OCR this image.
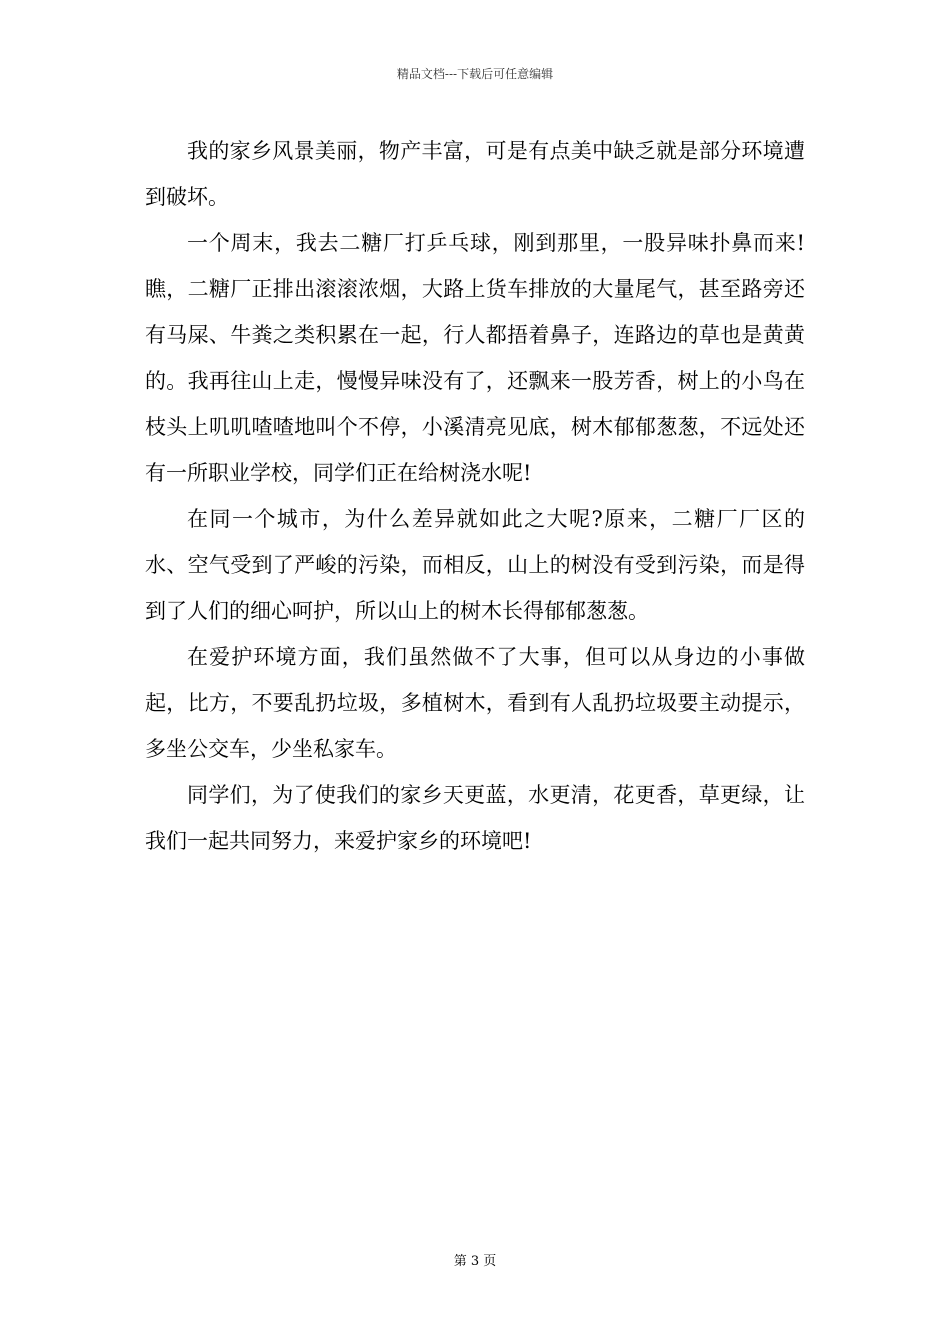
精品文档---下载后可任意编辑

我的家乡风景美丽，物产丰富，可是有点美中缺乏就是部分环境遭到破坏。

一个周末，我去二糖厂打乒乓球，刚到那里，一股异味扑鼻而来!瞧，二糖厂正排出滚滚浓烟，大路上货车排放的大量尾气，甚至路旁还有马屎、牛粪之类积累在一起，行人都捂着鼻子，连路边的草也是黄黄的。我再往山上走，慢慢异味没有了，还飘来一股芳香，树上的小鸟在枝头上叽叽喳喳地叫个不停，小溪清亮见底，树木郁郁葱葱，不远处还有一所职业学校，同学们正在给树浇水呢!

在同一个城市，为什么差异就如此之大呢?原来，二糖厂厂区的水、空气受到了严峻的污染，而相反，山上的树没有受到污染，而是得到了人们的细心呵护，所以山上的树木长得郁郁葱葱。

在爱护环境方面，我们虽然做不了大事，但可以从身边的小事做起，比方，不要乱扔垃圾，多植树木，看到有人乱扔垃圾要主动提示，多坐公交车，少坐私家车。

同学们，为了使我们的家乡天更蓝，水更清，花更香，草更绿，让我们一起共同努力，来爱护家乡的环境吧!

第 3 页
